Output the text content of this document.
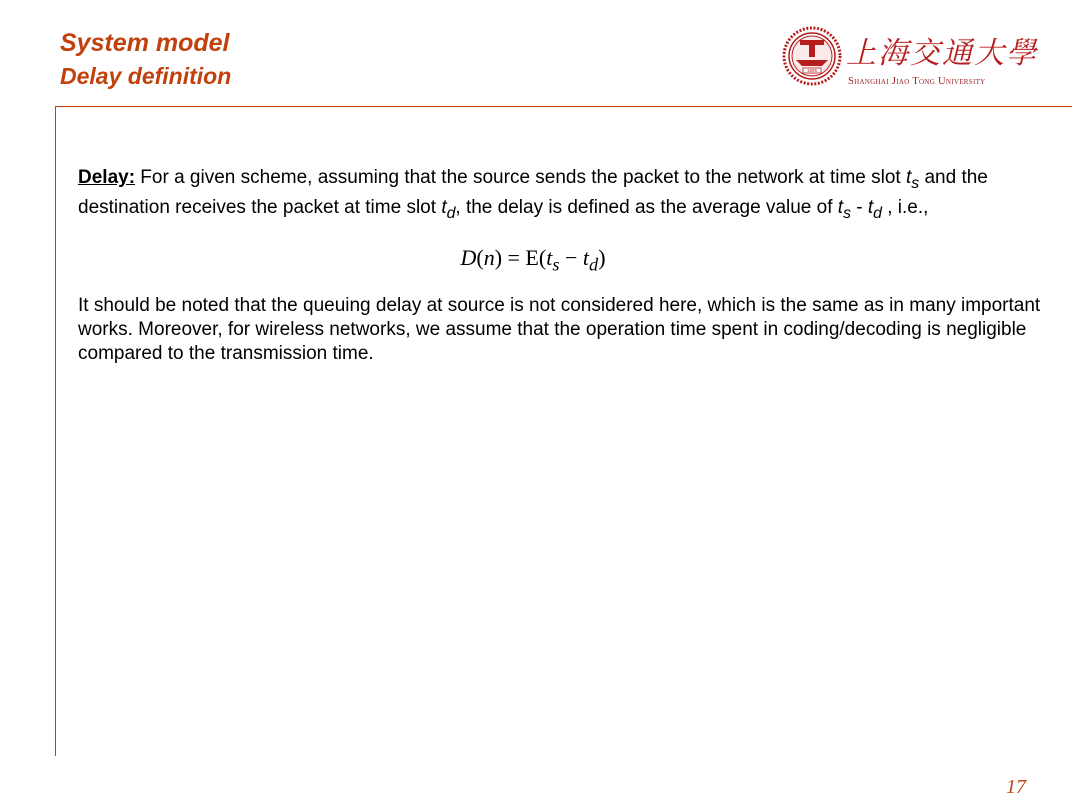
System model
Delay definition	1896 上海交通大學
Shanghai Jiao Tong University

Delay: For a given scheme, assuming that the source sends the packet to the network at time slot $t_s$ and the destination receives the packet at time slot $t_d$, the delay is defined as the average value of $t_s - t_d$ , i.e.,

$D(n) = E(t_s - t_d)$

It should be noted that the queuing delay at source is not considered here, which is the same as in many important works. Moreover, for wireless networks, we assume that the operation time spent in coding/decoding is negligible compared to the transmission time.

17
